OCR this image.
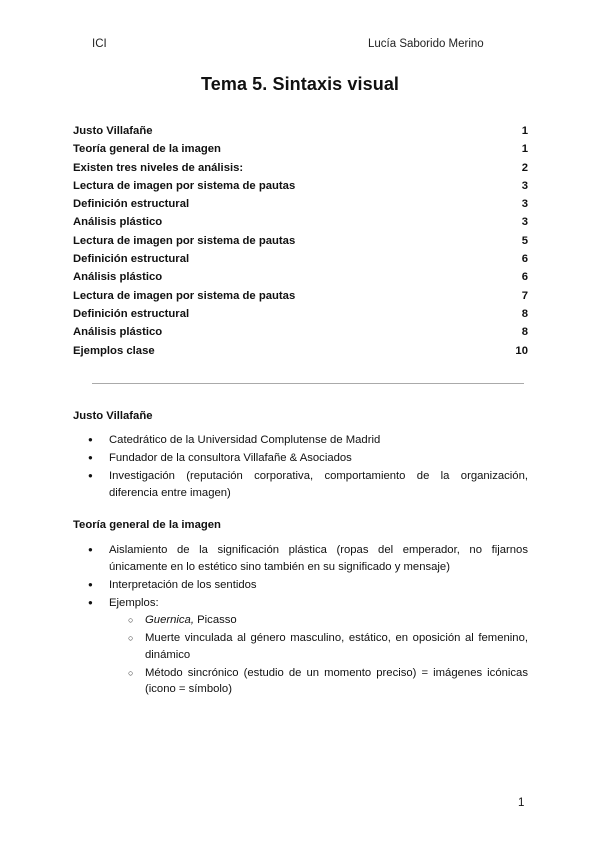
ICI	Lucía Saborido Merino
Tema 5. Sintaxis visual
Justo Villafañe	1
Teoría general de la imagen	1
Existen tres niveles de análisis:	2
Lectura de imagen por sistema de pautas	3
Definición estructural	3
Análisis plástico	3
Lectura de imagen por sistema de pautas	5
Definición estructural	6
Análisis plástico	6
Lectura de imagen por sistema de pautas	7
Definición estructural	8
Análisis plástico	8
Ejemplos clase	10
Justo Villafañe
● Catedrático de la Universidad Complutense de Madrid
● Fundador de la consultora Villafañe & Asociados
● Investigación (reputación corporativa, comportamiento de la organización, diferencia entre imagen)
Teoría general de la imagen
● Aislamiento de la significación plástica (ropas del emperador, no fijarnos únicamente en lo estético sino también en su significado y mensaje)
● Interpretación de los sentidos
● Ejemplos:
○ Guernica, Picasso
○ Muerte vinculada al género masculino, estático, en oposición al femenino, dinámico
○ Método sincrónico (estudio de un momento preciso) = imágenes icónicas (icono = símbolo)
1
